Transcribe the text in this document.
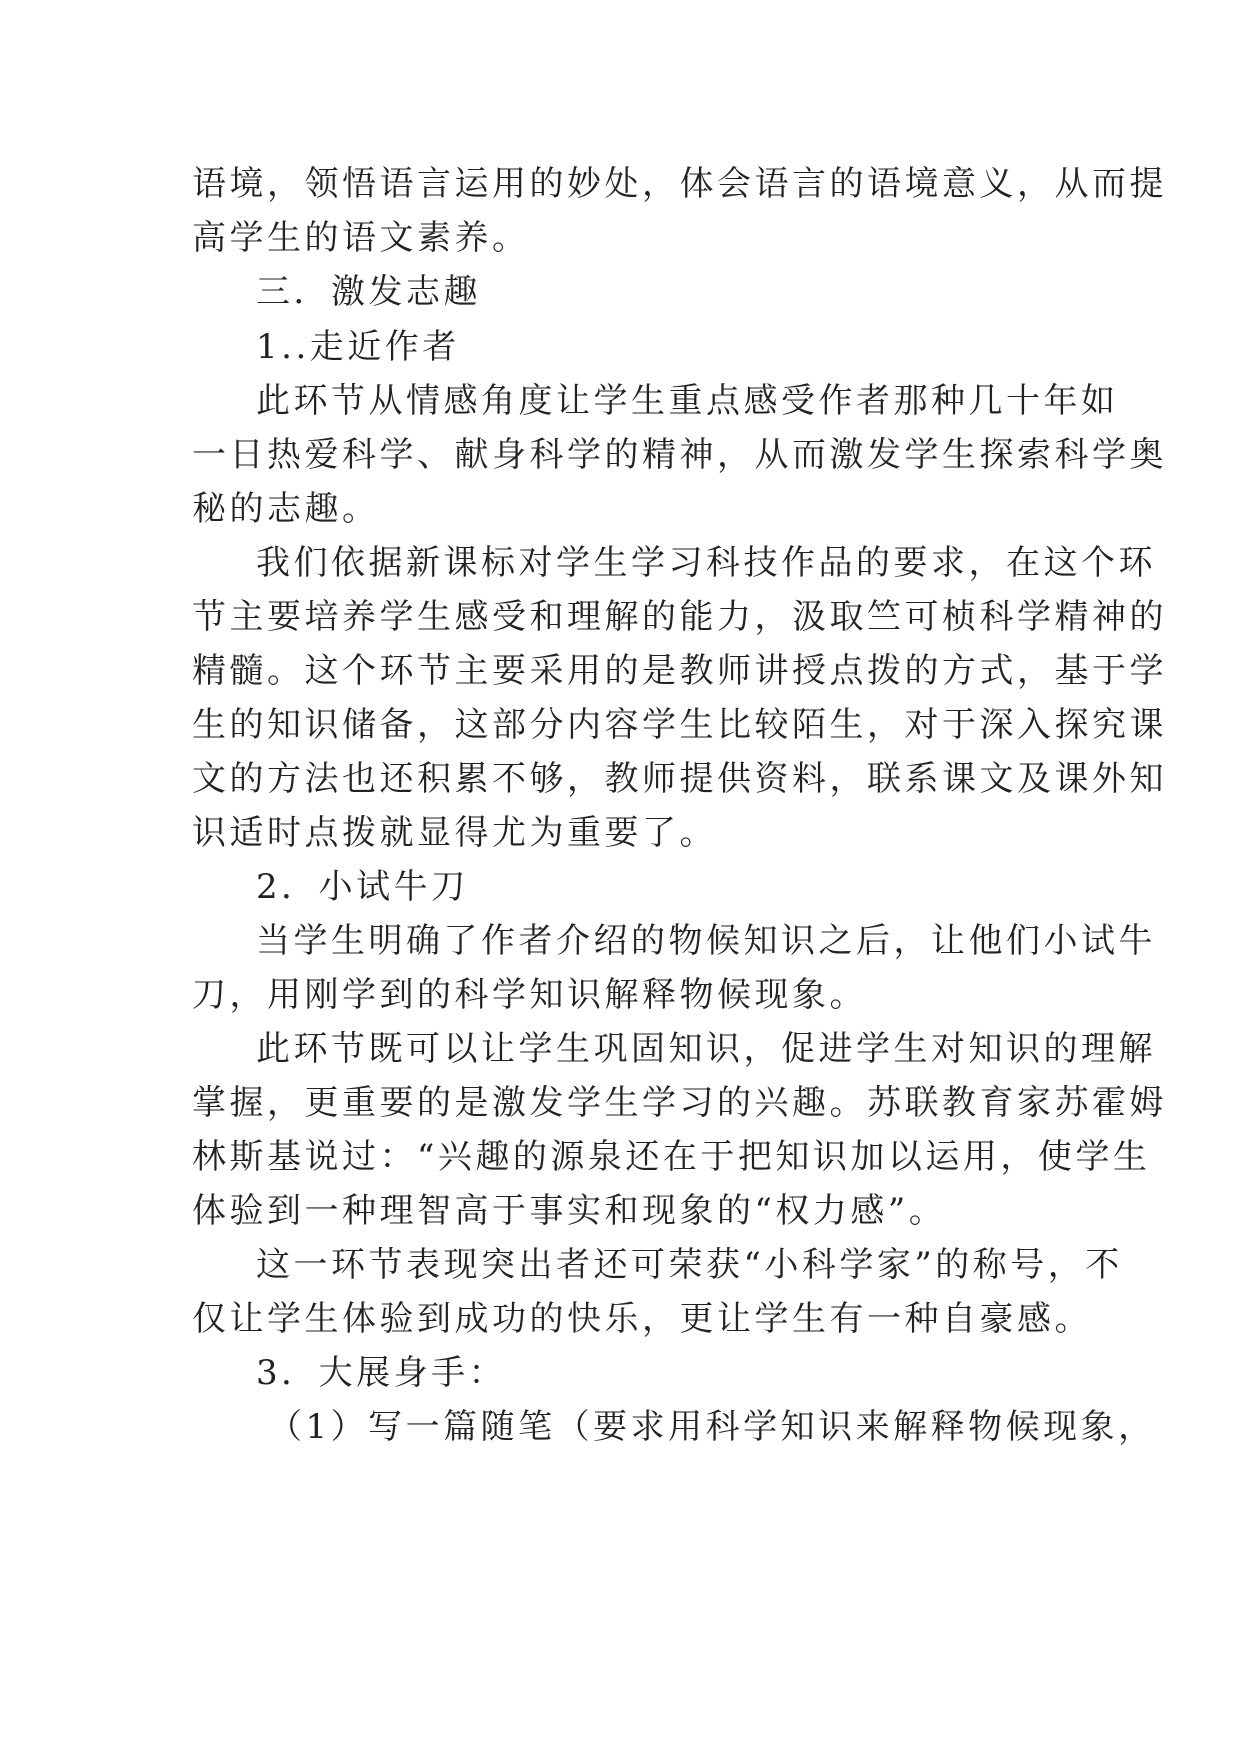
语境，领悟语言运用的妙处，体会语言的语境意义，从而提
高学生的语文素养。
三．激发志趣
1..走近作者
此环节从情感角度让学生重点感受作者那种几十年如
一日热爱科学、献身科学的精神，从而激发学生探索科学奥
秘的志趣。
我们依据新课标对学生学习科技作品的要求，在这个环
节主要培养学生感受和理解的能力，汲取竺可桢科学精神的
精髓。这个环节主要采用的是教师讲授点拨的方式，基于学
生的知识储备，这部分内容学生比较陌生，对于深入探究课
文的方法也还积累不够，教师提供资料，联系课文及课外知
识适时点拨就显得尤为重要了。
2．小试牛刀
当学生明确了作者介绍的物候知识之后，让他们小试牛
刀，用刚学到的科学知识解释物候现象。
此环节既可以让学生巩固知识，促进学生对知识的理解
掌握，更重要的是激发学生学习的兴趣。苏联教育家苏霍姆
林斯基说过：“兴趣的源泉还在于把知识加以运用，使学生
体验到一种理智高于事实和现象的“权力感”。
这一环节表现突出者还可荣获“小科学家”的称号，不
仅让学生体验到成功的快乐，更让学生有一种自豪感。
3．大展身手：
（1）写一篇随笔（要求用科学知识来解释物候现象，
